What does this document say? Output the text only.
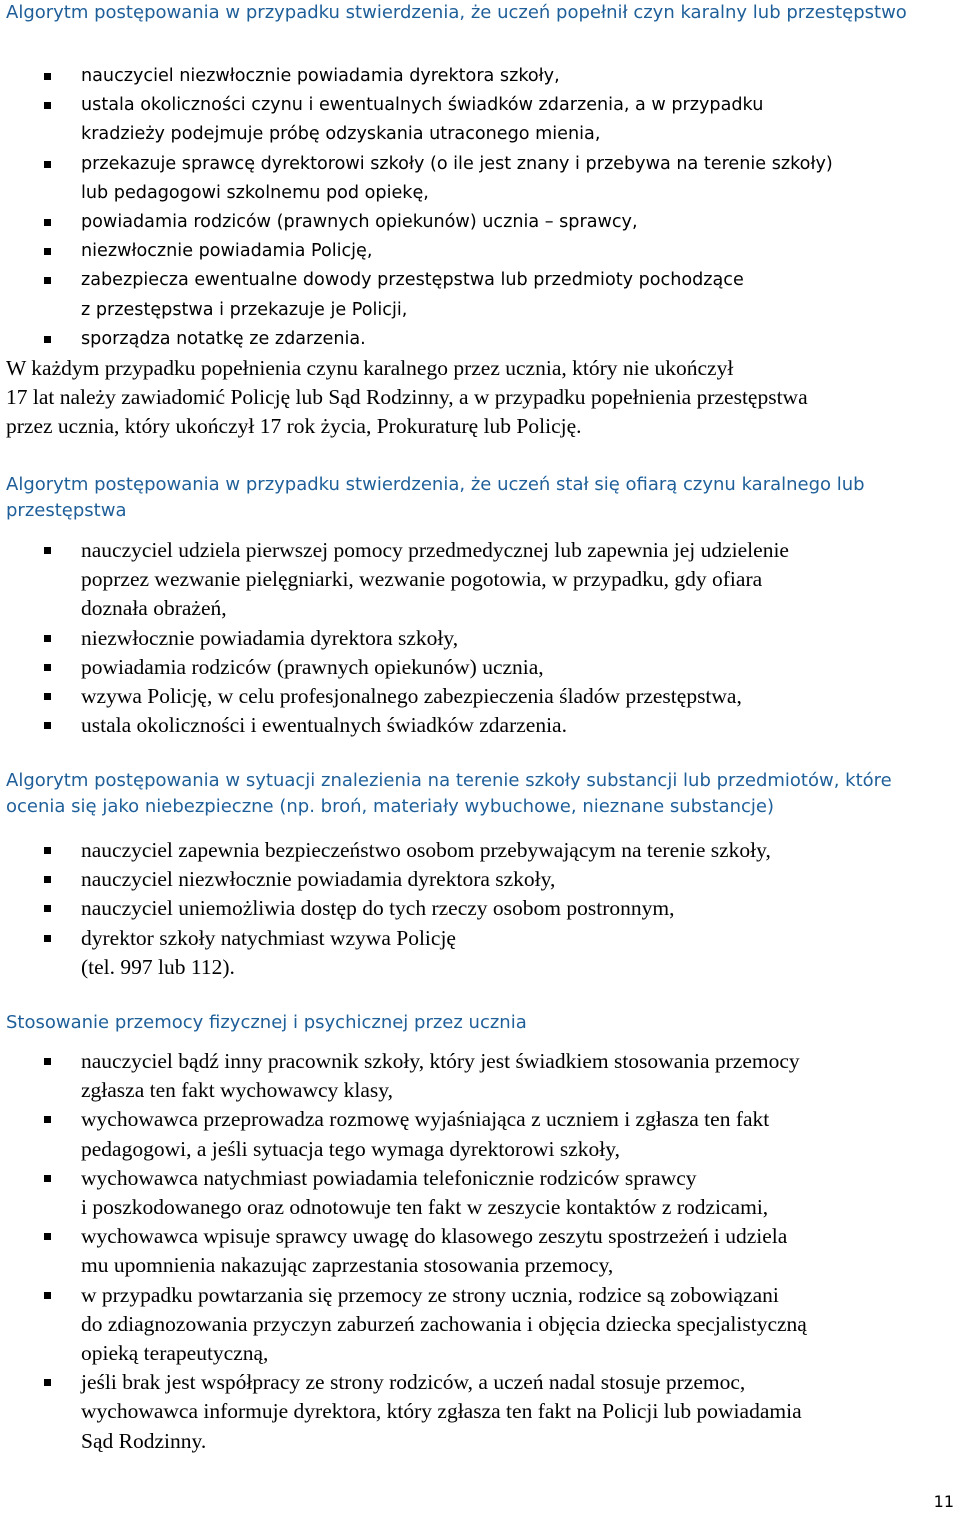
Algorytm postępowania w przypadku stwierdzenia, że uczeń popełnił czyn karalny lub przestępstwo
nauczyciel niezwłocznie powiadamia dyrektora szkoły,
ustala okoliczności czynu i ewentualnych świadków zdarzenia, a w przypadku
kradzieży podejmuje próbę odzyskania utraconego mienia,
przekazuje sprawcę dyrektorowi szkoły (o ile jest znany i przebywa na terenie szkoły)
lub pedagogowi szkolnemu pod opiekę,
powiadamia rodziców (prawnych opiekunów) ucznia – sprawcy,
niezwłocznie powiadamia Policję,
zabezpiecza ewentualne dowody przestępstwa lub przedmioty pochodzące
z przestępstwa i przekazuje je Policji,
sporządza notatkę ze zdarzenia.

W każdym przypadku popełnienia czynu karalnego przez ucznia, który nie ukończył
17 lat należy zawiadomić Policję lub Sąd Rodzinny, a w przypadku popełnienia przestępstwa
przez ucznia, który ukończył 17 rok życia, Prokuraturę lub Policję.

Algorytm postępowania w przypadku stwierdzenia, że uczeń stał się ofiarą czynu karalnego lub przestępstwa
nauczyciel udziela pierwszej pomocy przedmedycznej lub zapewnia jej udzielenie
poprzez wezwanie pielęgniarki, wezwanie pogotowia, w przypadku, gdy ofiara
doznała obrażeń,
niezwłocznie powiadamia dyrektora szkoły,
powiadamia rodziców (prawnych opiekunów) ucznia,
wzywa Policję, w celu profesjonalnego zabezpieczenia śladów przestępstwa,
ustala okoliczności i ewentualnych świadków zdarzenia.
Algorytm postępowania w sytuacji znalezienia na terenie szkoły substancji lub przedmiotów, które ocenia się jako niebezpieczne (np. broń, materiały wybuchowe, nieznane substancje)
nauczyciel zapewnia bezpieczeństwo osobom przebywającym na terenie szkoły,
nauczyciel niezwłocznie powiadamia dyrektora szkoły,
nauczyciel uniemożliwia dostęp do tych rzeczy osobom postronnym,
dyrektor szkoły natychmiast wzywa Policję
(tel. 997 lub 112).
Stosowanie przemocy fizycznej i psychicznej przez ucznia
nauczyciel bądź inny pracownik szkoły, który jest świadkiem stosowania przemocy
zgłasza ten fakt wychowawcy klasy,
wychowawca przeprowadza rozmowę wyjaśniająca z uczniem i zgłasza ten fakt
pedagogowi, a jeśli sytuacja tego wymaga dyrektorowi szkoły,
wychowawca natychmiast powiadamia telefonicznie rodziców sprawcy
i poszkodowanego oraz odnotowuje ten fakt w zeszycie kontaktów z rodzicami,
wychowawca wpisuje sprawcy uwagę do klasowego zeszytu spostrzeżeń i udziela
mu upomnienia nakazując zaprzestania stosowania przemocy,
w przypadku powtarzania się przemocy ze strony ucznia, rodzice są zobowiązani
do zdiagnozowania przyczyn zaburzeń zachowania i objęcia dziecka specjalistyczną
opieką terapeutyczną,
jeśli brak jest współpracy ze strony rodziców, a uczeń nadal stosuje przemoc,
wychowawca informuje dyrektora, który zgłasza ten fakt na Policji lub powiadamia
Sąd Rodzinny.
11
